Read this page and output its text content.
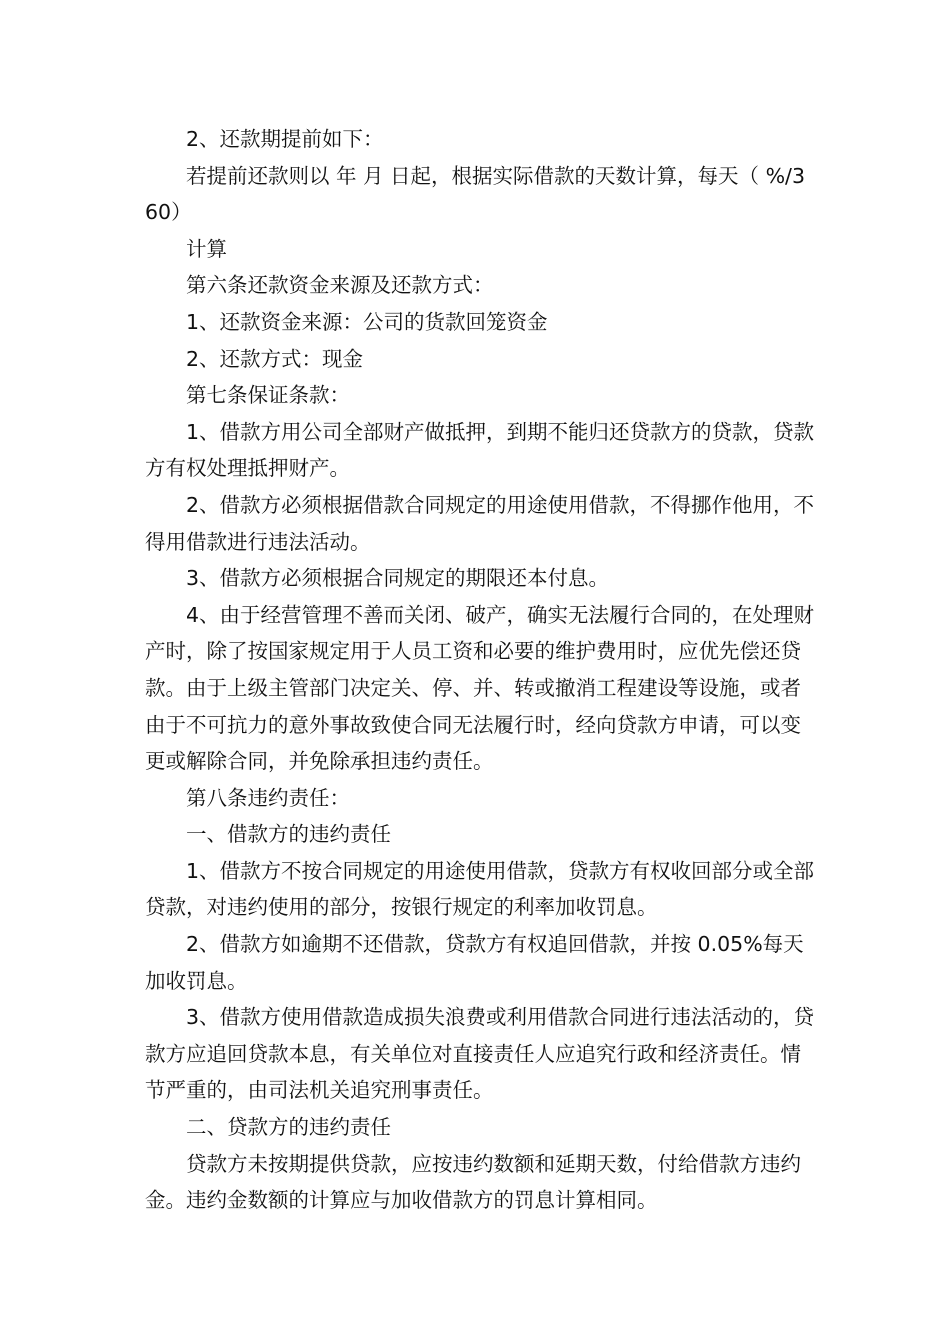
2、还款期提前如下：

若提前还款则以 年 月 日起，根据实际借款的天数计算，每天（ %/360）

计算

第六条还款资金来源及还款方式：

1、还款资金来源：公司的货款回笼资金

2、还款方式：现金

第七条保证条款：

1、借款方用公司全部财产做抵押，到期不能归还贷款方的贷款，贷款方有权处理抵押财产。

2、借款方必须根据借款合同规定的用途使用借款，不得挪作他用，不得用借款进行违法活动。

3、借款方必须根据合同规定的期限还本付息。

4、由于经营管理不善而关闭、破产，确实无法履行合同的，在处理财产时，除了按国家规定用于人员工资和必要的维护费用时，应优先偿还贷款。由于上级主管部门决定关、停、并、转或撤消工程建设等设施，或者由于不可抗力的意外事故致使合同无法履行时，经向贷款方申请，可以变更或解除合同，并免除承担违约责任。

第八条违约责任：

一、借款方的违约责任

1、借款方不按合同规定的用途使用借款，贷款方有权收回部分或全部贷款，对违约使用的部分，按银行规定的利率加收罚息。

2、借款方如逾期不还借款，贷款方有权追回借款，并按 0.05%每天加收罚息。

3、借款方使用借款造成损失浪费或利用借款合同进行违法活动的，贷款方应追回贷款本息，有关单位对直接责任人应追究行政和经济责任。情节严重的，由司法机关追究刑事责任。

二、贷款方的违约责任

贷款方未按期提供贷款，应按违约数额和延期天数，付给借款方违约金。违约金数额的计算应与加收借款方的罚息计算相同。
